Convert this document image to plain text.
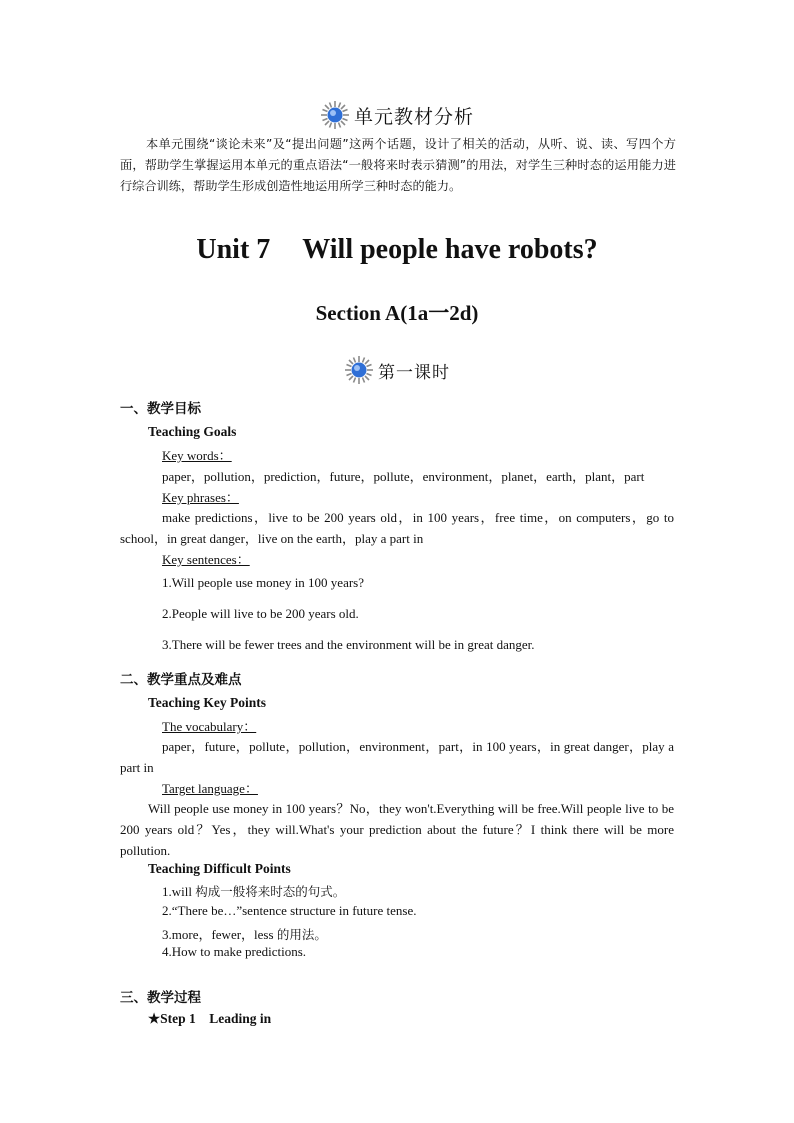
单元教材分析

本单元围绕“谈论未来”及“提出问题”这两个话题，设计了相关的活动，从听、说、读、写四个方面，帮助学生掌握运用本单元的重点语法“一般将来时表示猜测”的用法，对学生三种时态的运用能力进行综合训练，帮助学生形成创造性地运用所学三种时态的能力。

Unit 7 Will people have robots?
Section A(1a一2d)
第一课时
一、教学目标
Teaching Goals
Key words：
paper，pollution，prediction，future，pollute，environment，planet，earth，plant，part
Key phrases：

make predictions，live to be 200 years old，in 100 years，free time，on computers，go to school，in great danger，live on the earth，play a part in

Key sentences：
1.Will people use money in 100 years?
2.People will live to be 200 years old.
3.There will be fewer trees and the environment will be in great danger.
二、教学重点及难点
Teaching Key Points
The vocabulary：

paper，future，pollute，pollution，environment，part，in 100 years，in great danger，play a part in

Target language：

Will people use money in 100 years？No，they won't.Everything will be free.Will people live to be 200 years old？Yes，they will.What's your prediction about the future？I think there will be more pollution.

Teaching Difficult Points
1.will 构成一般将来时态的句式。
2.“There be…”sentence structure in future tense.
3.more，fewer，less 的用法。
4.How to make predictions.
三、教学过程
★Step 1　Leading in
